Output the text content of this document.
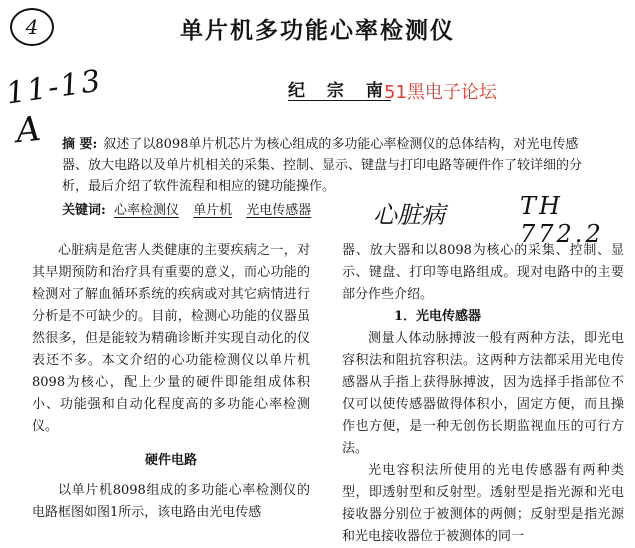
4
11-13
A
单片机多功能心率检测仪
纪 宗 南
51黑电子论坛
摘 要: 叙述了以8098单片机芯片为核心组成的多功能心率检测仪的总体结构，对光电传感器、放大电路以及单片机相关的采集、控制、显示、键盘与打印电路等硬件作了较详细的分析，最后介绍了软件流程和相应的键功能操作。
关键词: 心率检测仪 单片机 光电传感器	心脏病	TH 772.2

心脏病是危害人类健康的主要疾病之一，对其早期预防和治疗具有重要的意义，而心功能的检测对了解血循环系统的疾病或对其它病情进行分析是不可缺少的。目前，检测心功能的仪器虽然很多，但是能较为精确诊断并实现自动化的仪表还不多。本文介绍的心功能检测仪以单片机8098为核心，配上少量的硬件即能组成体积小、功能强和自动化程度高的多功能心率检测仪。

硬件电路

以单片机8098组成的多功能心率检测仪的电路框图如图1所示，该电路由光电传感

器、放大器和以8098为核心的采集、控制、显示、键盘、打印等电路组成。现对电路中的主要部分作些介绍。

1．光电传感器

测量人体动脉搏波一般有两种方法，即光电容积法和阻抗容积法。这两种方法都采用光电传感器从手指上获得脉搏波，因为选择手指部位不仅可以使传感器做得体积小，固定方便，而且操作也方便，是一种无创伤长期监视血压的可行方法。

光电容积法所使用的光电传感器有两种类型，即透射型和反射型。透射型是指光源和光电接收器分别位于被测体的两侧；反射型是指光源和光电接收器位于被测体的同一
